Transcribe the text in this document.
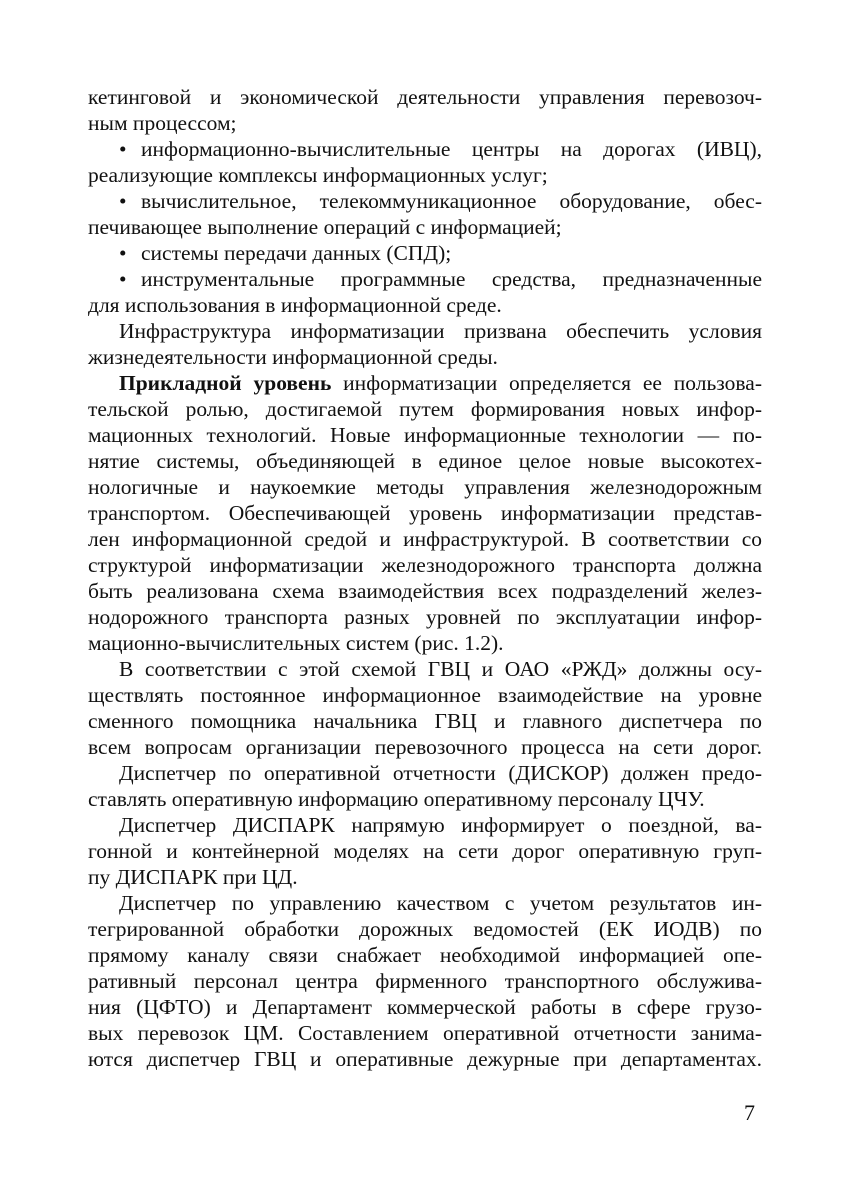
кетинговой и экономической деятельности управления перевозоч-
ным процессом;
• информационно-вычислительные центры на дорогах (ИВЦ),
реализующие комплексы информационных услуг;
• вычислительное, телекоммуникационное оборудование, обес-
печивающее выполнение операций с информацией;
• системы передачи данных (СПД);
• инструментальные программные средства, предназначенные
для использования в информационной среде.
Инфраструктура информатизации призвана обеспечить условия
жизнедеятельности информационной среды.
Прикладной уровень информатизации определяется ее пользова-
тельской ролью, достигаемой путем формирования новых инфор-
мационных технологий. Новые информационные технологии — по-
нятие системы, объединяющей в единое целое новые высокотех-
нологичные и наукоемкие методы управления железнодорожным
транспортом. Обеспечивающей уровень информатизации представ-
лен информационной средой и инфраструктурой. В соответствии со
структурой информатизации железнодорожного транспорта должна
быть реализована схема взаимодействия всех подразделений желез-
нодорожного транспорта разных уровней по эксплуатации инфор-
мационно-вычислительных систем (рис. 1.2).
В соответствии с этой схемой ГВЦ и ОАО «РЖД» должны осу-
ществлять постоянное информационное взаимодействие на уровне
сменного помощника начальника ГВЦ и главного диспетчера по
всем вопросам организации перевозочного процесса на сети дорог.
Диспетчер по оперативной отчетности (ДИСКОР) должен предо-
ставлять оперативную информацию оперативному персоналу ЦЧУ.
Диспетчер ДИСПАРК напрямую информирует о поездной, ва-
гонной и контейнерной моделях на сети дорог оперативную груп-
пу ДИСПАРК при ЦД.
Диспетчер по управлению качеством с учетом результатов ин-
тегрированной обработки дорожных ведомостей (ЕК ИОДВ) по
прямому каналу связи снабжает необходимой информацией опе-
ративный персонал центра фирменного транспортного обслужива-
ния (ЦФТО) и Департамент коммерческой работы в сфере грузо-
вых перевозок ЦМ. Составлением оперативной отчетности занима-
ются диспетчер ГВЦ и оперативные дежурные при департаментах.
7
